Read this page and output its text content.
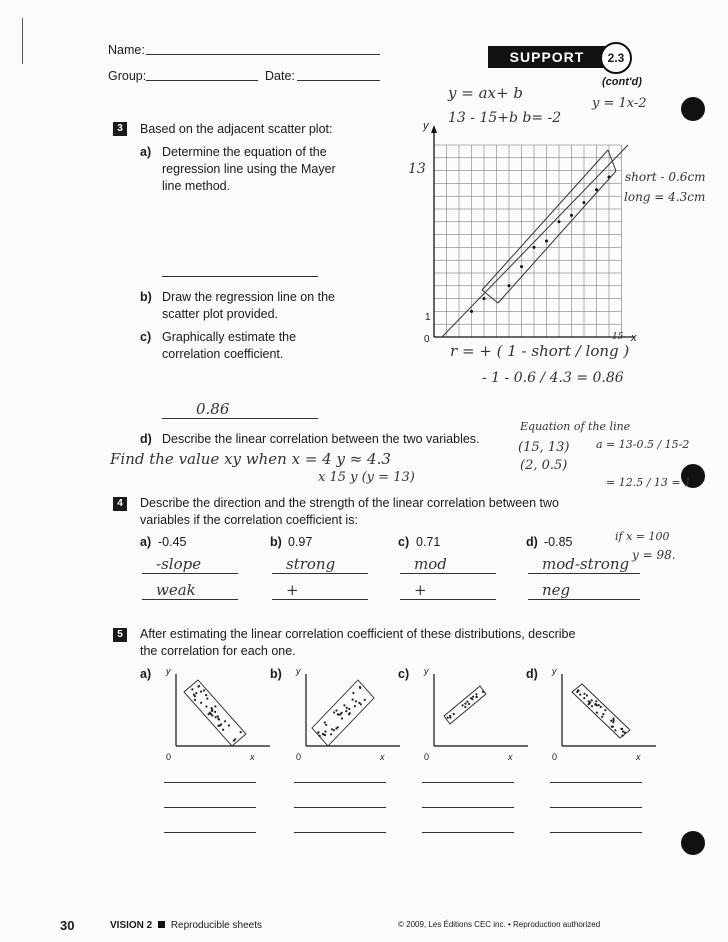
Name:
Group:	Date:
SUPPORT	2.3
(cont'd)
y = ax+ b
13 - 15+b b= -2
y = 1x-2
3	Based on the adjacent scatter plot:
a) Determine the equation of the regression line using the Mayer line method.
b) Draw the regression line on the scatter plot provided.
c) Graphically estimate the correlation coefficient.
0.86
y
0
1
13
15 x
short - 0.6cm
long = 4.3cm
r = + ( 1 - short / long )
- 1 - 0.6 / 4.3 = 0.86
d) Describe the linear correlation between the two variables.
Find the value xy when x = 4 y ≈ 4.3
x 15 y (y = 13)
Equation of the line
(15, 13)
(2, 0.5)
a = 13-0.5 / 15-2
= 12.5 / 13 = 1
4	Describe the direction and the strength of the linear correlation between two variables if the correlation coefficient is:
a) -0.45
-slope
weak
b) 0.97
strong
+
c) 0.71
mod
+
d) -0.85
mod-strong
neg
if x = 100
y = 98.
5	After estimating the linear correlation coefficient of these distributions, describe the correlation for each one.
a) y
x
0
b) y
x
0
c) y
x
0
d) y
x
0
30	VISION 2 Reproducible sheets	© 2009, Les Éditions CEC inc. • Reproduction authorized
